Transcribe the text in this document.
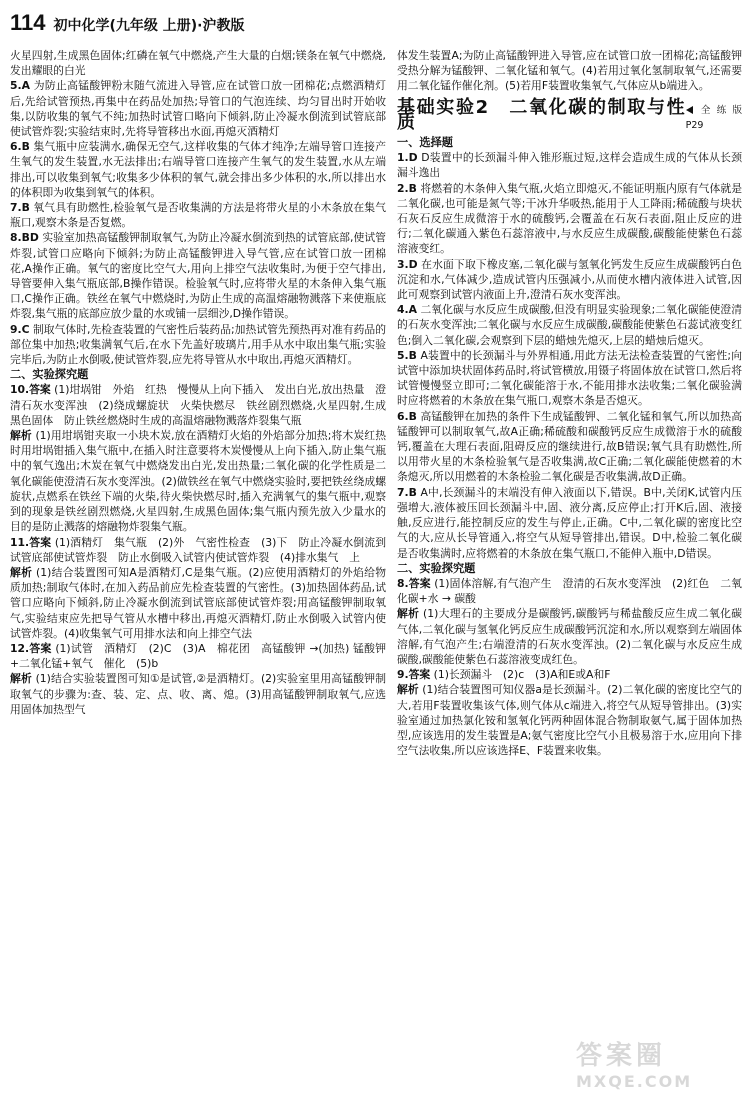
114 初中化学(九年级 上册)·沪教版

火星四射,生成黑色固体;红磷在氧气中燃烧,产生大量的白烟;镁条在氧气中燃烧,发出耀眼的白光

5.A 为防止高锰酸钾粉末随气流进入导管,应在试管口放一团棉花;点燃酒精灯后,先给试管预热,再集中在药品处加热;导管口的气泡连续、均匀冒出时开始收集,以防收集的氧气不纯;加热时试管口略向下倾斜,防止冷凝水倒流到试管底部使试管炸裂;实验结束时,先将导管移出水面,再熄灭酒精灯

6.B 集气瓶中应装满水,确保无空气,这样收集的气体才纯净;左端导管口连接产生氧气的发生装置,水无法排出;右端导管口连接产生氧气的发生装置,水从左端排出,可以收集到氧气;收集多少体积的氧气,就会排出多少体积的水,所以排出水的体积即为收集到氧气的体积。

7.B 氧气具有助燃性,检验氧气是否收集满的方法是将带火星的小木条放在集气瓶口,观察木条是否复燃。

8.BD 实验室加热高锰酸钾制取氧气,为防止冷凝水倒流到热的试管底部,使试管炸裂,试管口应略向下倾斜;为防止高锰酸钾进入导气管,应在试管口放一团棉花,A操作正确。氧气的密度比空气大,用向上排空气法收集时,为便于空气排出,导管要伸入集气瓶底部,B操作错误。检验氧气时,应将带火星的木条伸入集气瓶口,C操作正确。铁丝在氧气中燃烧时,为防止生成的高温熔融物溅落下来使瓶底炸裂,集气瓶的底部应放少量的水或铺一层细沙,D操作错误。

9.C 制取气体时,先检查装置的气密性后装药品;加热试管先预热再对准有药品的部位集中加热;收集满氧气后,在水下先盖好玻璃片,用手从水中取出集气瓶;实验完毕后,为防止水倒吸,使试管炸裂,应先将导管从水中取出,再熄灭酒精灯。

二、实验探究题

10.答案 (1)坩埚钳　外焰　红热　慢慢从上向下插入　发出白光,放出热量　澄清石灰水变浑浊　(2)绕成螺旋状　火柴快燃尽　铁丝剧烈燃烧,火星四射,生成黑色固体　防止铁丝燃烧时生成的高温熔融物溅落炸裂集气瓶

解析 (1)用坩埚钳夹取一小块木炭,放在酒精灯火焰的外焰部分加热;将木炭红热时用坩埚钳插入集气瓶中,在插入时注意要将木炭慢慢从上向下插入,防止集气瓶中的氧气逸出;木炭在氧气中燃烧发出白光,发出热量;二氧化碳的化学性质是二氧化碳能使澄清石灰水变浑浊。(2)做铁丝在氧气中燃烧实验时,要把铁丝绕成螺旋状,点燃系在铁丝下端的火柴,待火柴快燃尽时,插入充满氧气的集气瓶中,观察到的现象是铁丝剧烈燃烧,火星四射,生成黑色固体;集气瓶内预先放入少量水的目的是防止溅落的熔融物炸裂集气瓶。

11.答案 (1)酒精灯　集气瓶　(2)外　气密性检查　(3)下　防止冷凝水倒流到试管底部使试管炸裂　防止水倒吸入试管内使试管炸裂　(4)排水集气　上

解析 (1)结合装置图可知A是酒精灯,C是集气瓶。(2)应使用酒精灯的外焰给物质加热;制取气体时,在加入药品前应先检查装置的气密性。(3)加热固体药品,试管口应略向下倾斜,防止冷凝水倒流到试管底部使试管炸裂;用高锰酸钾制取氧气,实验结束应先把导气管从水槽中移出,再熄灭酒精灯,防止水倒吸入试管内使试管炸裂。(4)收集氧气可用排水法和向上排空气法

12.答案 (1)试管　酒精灯　(2)C　(3)A　棉花团　高锰酸钾 →(加热) 锰酸钾+二氧化锰+氧气　催化　(5)b

解析 (1)结合实验装置图可知①是试管,②是酒精灯。(2)实验室里用高锰酸钾制取氧气的步骤为:查、装、定、点、收、离、熄。(3)用高锰酸钾制取氧气,应选用固体加热型气

体发生装置A;为防止高锰酸钾进入导管,应在试管口放一团棉花;高锰酸钾受热分解为锰酸钾、二氧化锰和氧气。(4)若用过氧化氢制取氧气,还需要用二氧化锰作催化剂。(5)若用F装置收集氧气,气体应从b端进入。

基础实验2　二氧化碳的制取与性质
全练版 P29

一、选择题

1.D D装置中的长颈漏斗伸入锥形瓶过短,这样会造成生成的气体从长颈漏斗逸出

2.B 将燃着的木条伸入集气瓶,火焰立即熄灭,不能证明瓶内原有气体就是二氧化碳,也可能是氮气等;干冰升华吸热,能用于人工降雨;稀硫酸与块状石灰石反应生成微溶于水的硫酸钙,会覆盖在石灰石表面,阻止反应的进行;二氧化碳通入紫色石蕊溶液中,与水反应生成碳酸,碳酸能使紫色石蕊溶液变红。

3.D 在水面下取下橡皮塞,二氧化碳与氢氧化钙发生反应生成碳酸钙白色沉淀和水,气体减少,造成试管内压强减小,从而使水槽内液体进入试管,因此可观察到试管内液面上升,澄清石灰水变浑浊。

4.A 二氧化碳与水反应生成碳酸,但没有明显实验现象;二氧化碳能使澄清的石灰水变浑浊;二氧化碳与水反应生成碳酸,碳酸能使紫色石蕊试液变红色;倒入二氧化碳,会观察到下层的蜡烛先熄灭,上层的蜡烛后熄灭。

5.B A装置中的长颈漏斗与外界相通,用此方法无法检查装置的气密性;向试管中添加块状固体药品时,将试管横放,用镊子将固体放在试管口,然后将试管慢慢竖立即可;二氧化碳能溶于水,不能用排水法收集;二氧化碳验满时应将燃着的木条放在集气瓶口,观察木条是否熄灭。

6.B 高锰酸钾在加热的条件下生成锰酸钾、二氧化锰和氧气,所以加热高锰酸钾可以制取氧气,故A正确;稀硫酸和碳酸钙反应生成微溶于水的硫酸钙,覆盖在大理石表面,阻碍反应的继续进行,故B错误;氧气具有助燃性,所以用带火星的木条检验氧气是否收集满,故C正确;二氧化碳能使燃着的木条熄灭,所以用燃着的木条检验二氧化碳是否收集满,故D正确。

7.B A中,长颈漏斗的末端没有伸入液面以下,错误。B中,关闭K,试管内压强增大,液体被压回长颈漏斗中,固、液分离,反应停止;打开K后,固、液接触,反应进行,能控制反应的发生与停止,正确。C中,二氧化碳的密度比空气的大,应从长导管通入,将空气从短导管排出,错误。D中,检验二氧化碳是否收集满时,应将燃着的木条放在集气瓶口,不能伸入瓶中,D错误。

二、实验探究题

8.答案 (1)固体溶解,有气泡产生　澄清的石灰水变浑浊　(2)红色　二氧化碳+水 → 碳酸

解析 (1)大理石的主要成分是碳酸钙,碳酸钙与稀盐酸反应生成二氧化碳气体,二氧化碳与氢氧化钙反应生成碳酸钙沉淀和水,所以观察到左端固体溶解,有气泡产生;右端澄清的石灰水变浑浊。(2)二氧化碳与水反应生成碳酸,碳酸能使紫色石蕊溶液变成红色。

9.答案 (1)长颈漏斗　(2)c　(3)A和E或A和F

解析 (1)结合装置图可知仪器a是长颈漏斗。(2)二氧化碳的密度比空气的大,若用F装置收集该气体,则气体从c端进入,将空气从短导管排出。(3)实验室通过加热氯化铵和氢氧化钙两种固体混合物制取氨气,属于固体加热型,应该选用的发生装置是A;氨气密度比空气小且极易溶于水,应用向下排空气法收集,所以应该选择E、F装置来收集。

答案圈
MXQE.COM
